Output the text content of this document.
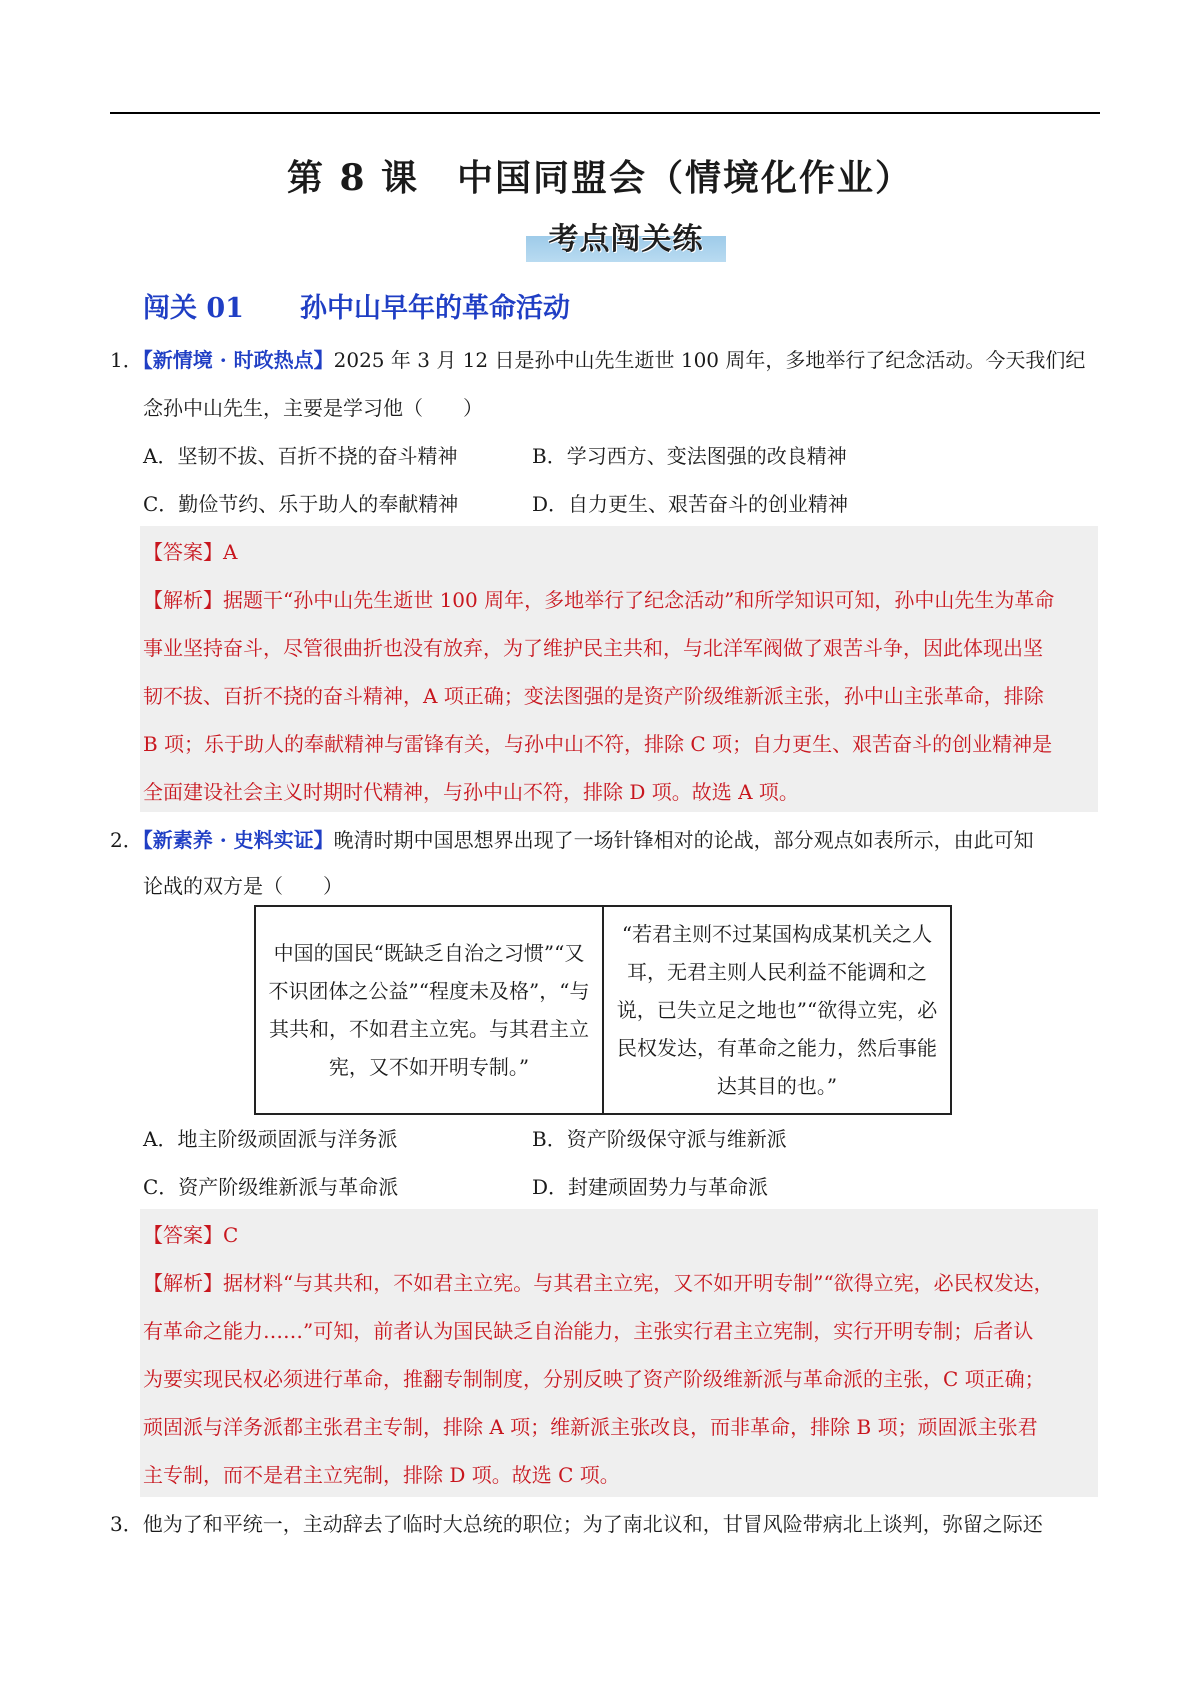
第 8 课　中国同盟会（情境化作业）
考点闯关练
闯关 01 孙中山早年的革命活动
1．【新情境 · 时政热点】2025 年 3 月 12 日是孙中山先生逝世 100 周年，多地举行了纪念活动。今天我们纪
念孙中山先生，主要是学习他（　　）
A．坚韧不拔、百折不挠的奋斗精神	B．学习西方、变法图强的改良精神
C．勤俭节约、乐于助人的奉献精神	D．自力更生、艰苦奋斗的创业精神
【答案】A
【解析】据题干“孙中山先生逝世 100 周年，多地举行了纪念活动”和所学知识可知，孙中山先生为革命
事业坚持奋斗，尽管很曲折也没有放弃，为了维护民主共和，与北洋军阀做了艰苦斗争，因此体现出坚
韧不拔、百折不挠的奋斗精神，A 项正确；变法图强的是资产阶级维新派主张，孙中山主张革命，排除
B 项；乐于助人的奉献精神与雷锋有关，与孙中山不符，排除 C 项；自力更生、艰苦奋斗的创业精神是
全面建设社会主义时期时代精神，与孙中山不符，排除 D 项。故选 A 项。
2．【新素养 · 史料实证】晚清时期中国思想界出现了一场针锋相对的论战，部分观点如表所示，由此可知
论战的双方是（　　）
中国的国民“既缺乏自治之习惯”“又不识团体之公益”“程度未及格”，“与其共和，不如君主立宪。与其君主立宪，又不如开明专制。”	“若君主则不过某国构成某机关之人耳，无君主则人民利益不能调和之说，已失立足之地也”“欲得立宪，必民权发达，有革命之能力，然后事能达其目的也。”
A．地主阶级顽固派与洋务派	B．资产阶级保守派与维新派
C．资产阶级维新派与革命派	D．封建顽固势力与革命派
【答案】C
【解析】据材料“与其共和，不如君主立宪。与其君主立宪，又不如开明专制”“欲得立宪，必民权发达，
有革命之能力……”可知，前者认为国民缺乏自治能力，主张实行君主立宪制，实行开明专制；后者认
为要实现民权必须进行革命，推翻专制制度，分别反映了资产阶级维新派与革命派的主张，C 项正确；
顽固派与洋务派都主张君主专制，排除 A 项；维新派主张改良，而非革命，排除 B 项；顽固派主张君
主专制，而不是君主立宪制，排除 D 项。故选 C 项。
3．他为了和平统一，主动辞去了临时大总统的职位；为了南北议和，甘冒风险带病北上谈判，弥留之际还
